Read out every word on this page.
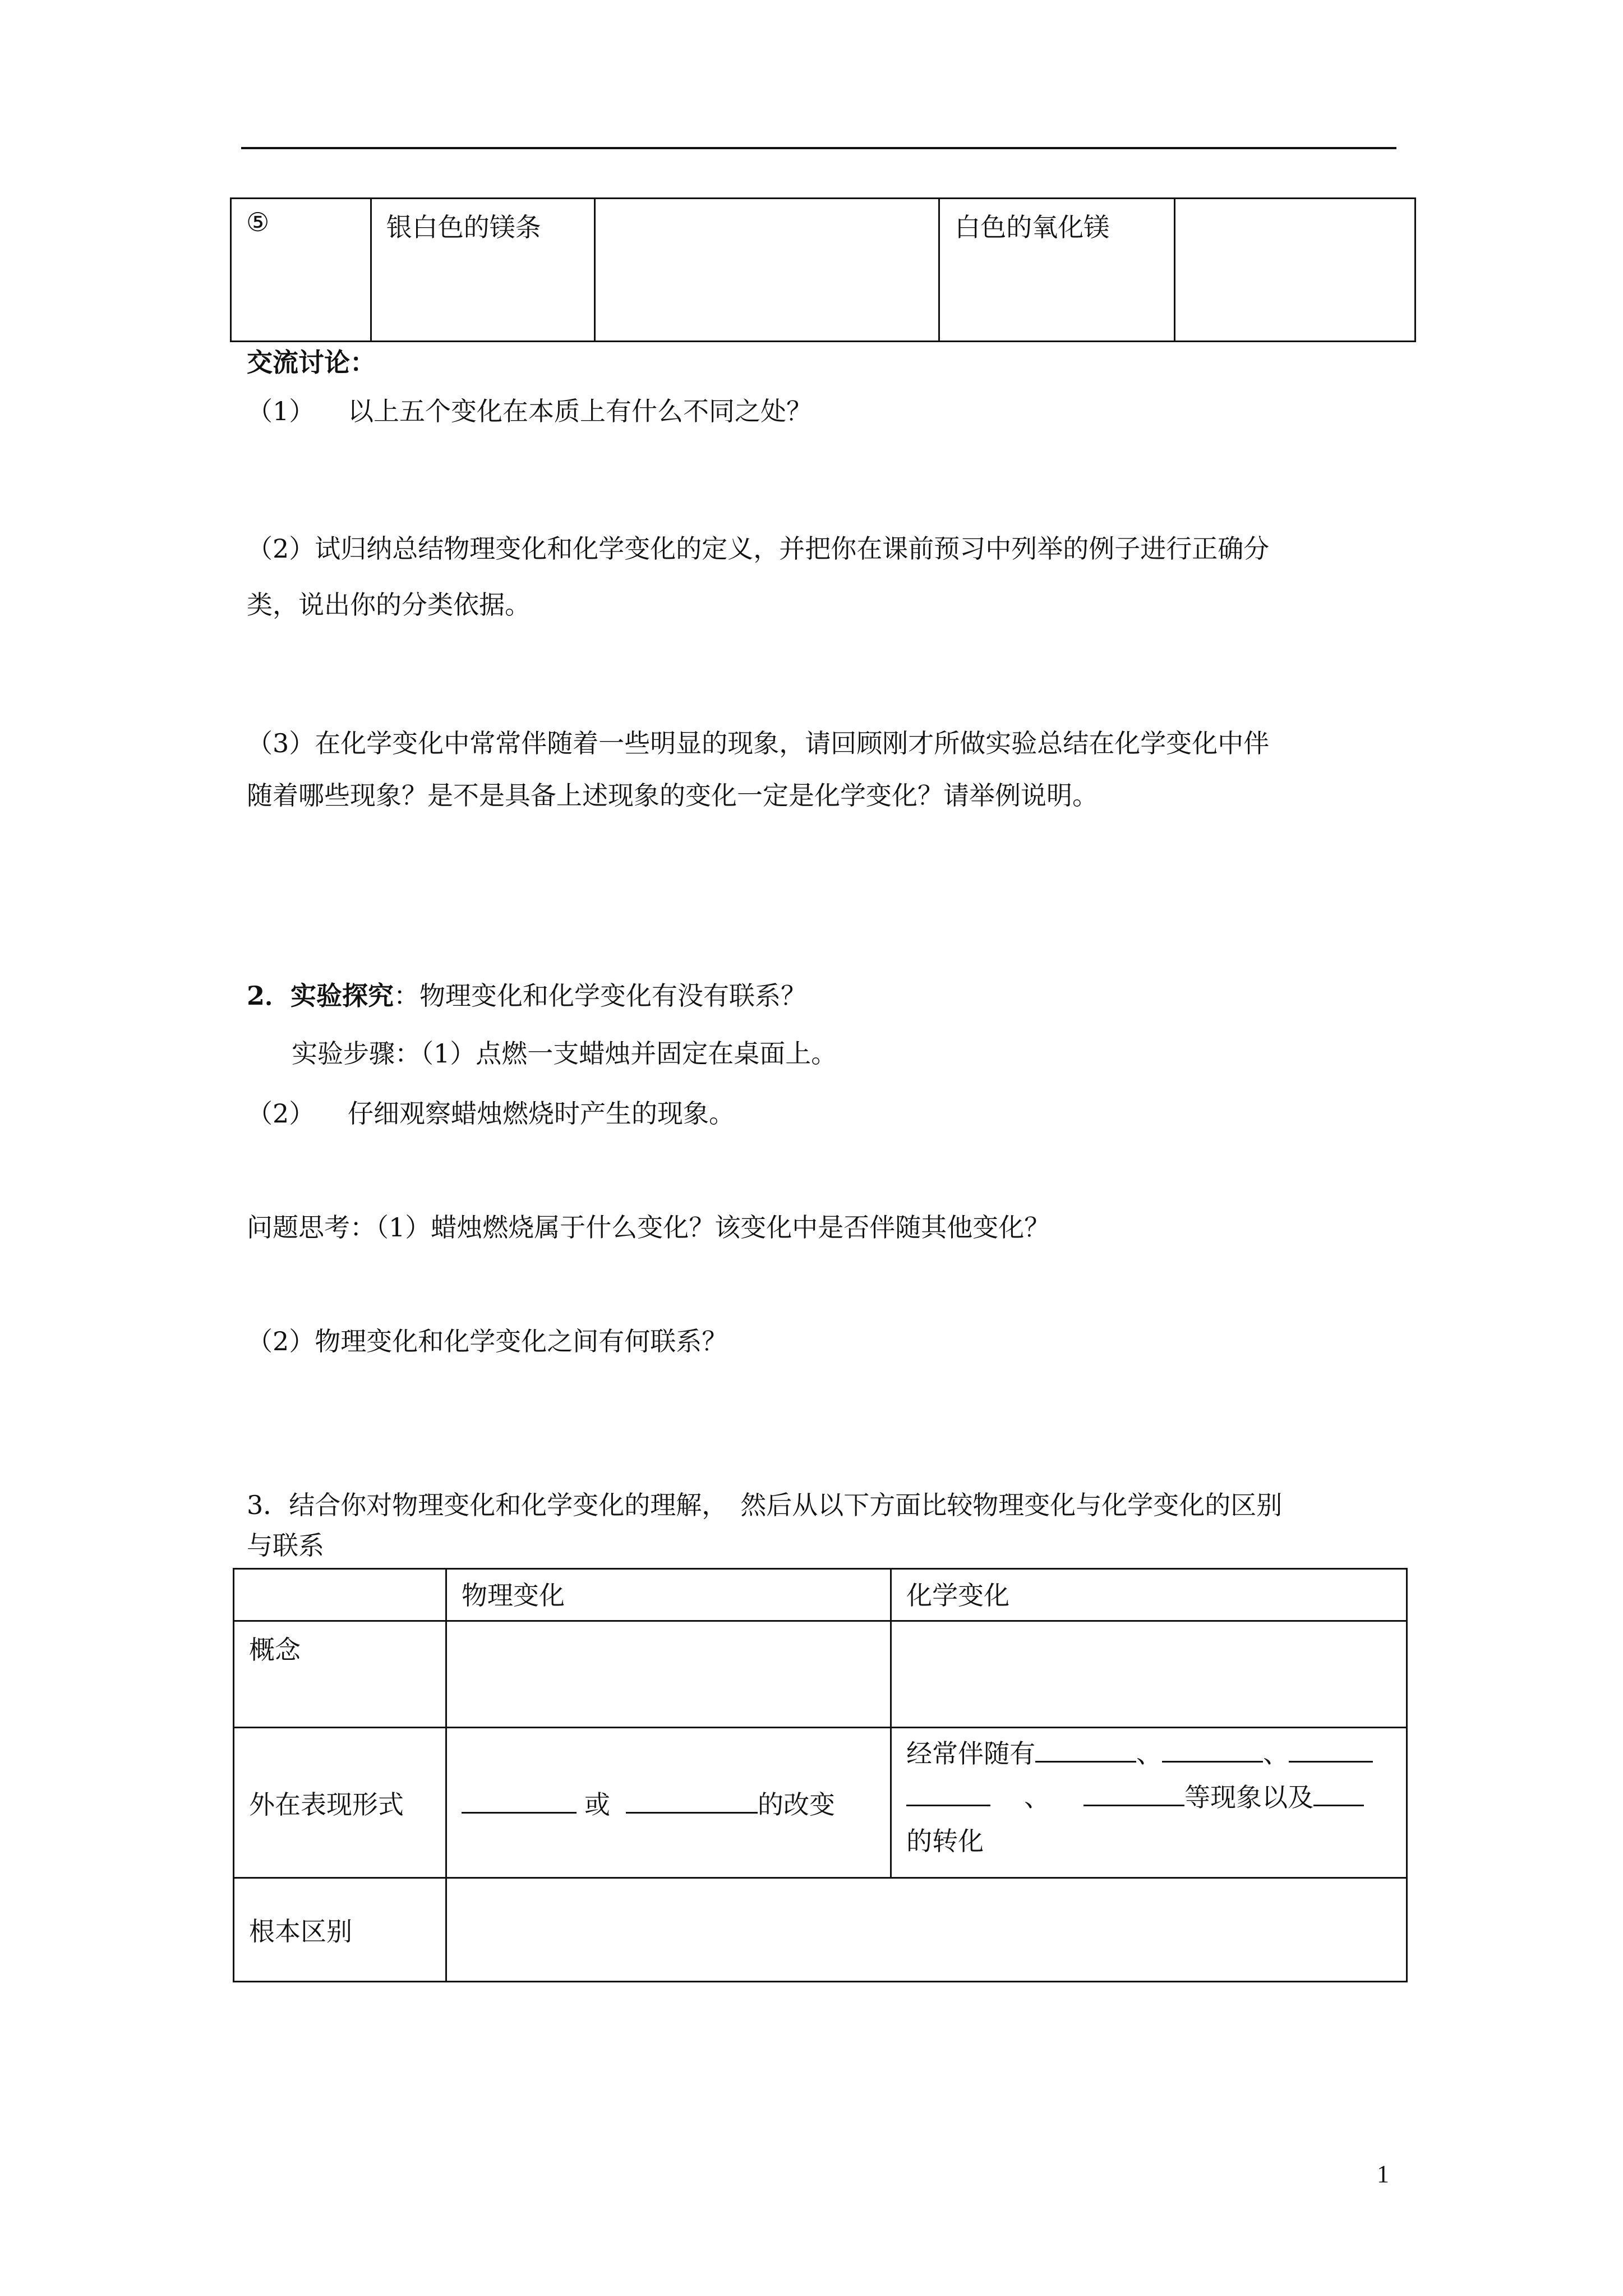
⑤	银白色的镁条		白色的氧化镁	
交流讨论：
（1） 以上五个变化在本质上有什么不同之处？
（2）试归纳总结物理变化和化学变化的定义，并把你在课前预习中列举的例子进行正确分
类，说出你的分类依据。
（3）在化学变化中常常伴随着一些明显的现象，请回顾刚才所做实验总结在化学变化中伴
随着哪些现象？是不是具备上述现象的变化一定是化学变化？请举例说明。
2．实验探究：物理变化和化学变化有没有联系？
实验步骤：（1）点燃一支蜡烛并固定在桌面上。
（2） 仔细观察蜡烛燃烧时产生的现象。
问题思考：（1）蜡烛燃烧属于什么变化？该变化中是否伴随其他变化？
（2）物理变化和化学变化之间有何联系？
3．结合你对物理变化和化学变化的理解，　然后从以下方面比较物理变化与化学变化的区别
与联系
	物理变化	化学变化
概念		
外在表现形式	或 的改变	经常伴随有 、 、
、 等现象以及
的转化

根本区别		
1
